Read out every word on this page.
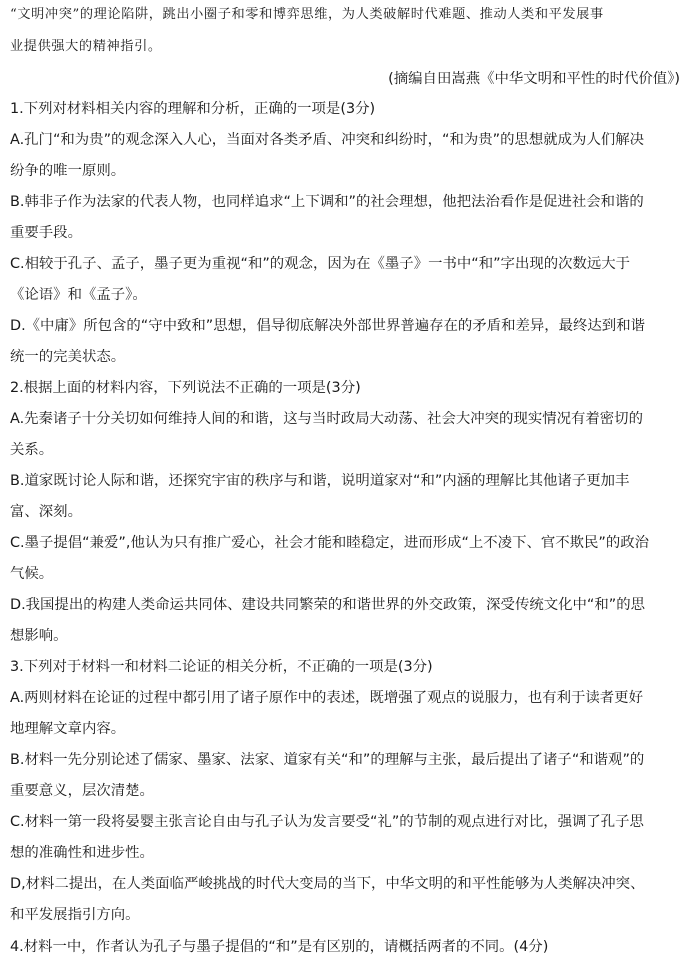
“文明冲突”的理论陷阱，跳出小圈子和零和博弈思维，为人类破解时代难题、推动人类和平发展事
业提供强大的精神指引。
(摘编自田嵩燕《中华文明和平性的时代价值》)
1.下列对材料相关内容的理解和分析，正确的一项是(3分)
A.孔门“和为贵”的观念深入人心，当面对各类矛盾、冲突和纠纷时，“和为贵”的思想就成为人们解决
纷争的唯一原则。
B.韩非子作为法家的代表人物，也同样追求“上下调和”的社会理想，他把法治看作是促进社会和谐的
重要手段。
C.相较于孔子、孟子，墨子更为重视“和”的观念，因为在《墨子》一书中“和”字出现的次数远大于
《论语》和《孟子》。
D.《中庸》所包含的“守中致和”思想，倡导彻底解决外部世界普遍存在的矛盾和差异，最终达到和谐
统一的完美状态。
2.根据上面的材料内容，下列说法不正确的一项是(3分)
A.先秦诸子十分关切如何维持人间的和谐，这与当时政局大动荡、社会大冲突的现实情况有着密切的
关系。
B.道家既讨论人际和谐，还探究宇宙的秩序与和谐，说明道家对“和”内涵的理解比其他诸子更加丰
富、深刻。
C.墨子提倡“兼爱”,他认为只有推广爱心，社会才能和睦稳定，进而形成“上不凌下、官不欺民”的政治
气候。
D.我国提出的构建人类命运共同体、建设共同繁荣的和谐世界的外交政策，深受传统文化中“和”的思
想影响。
3.下列对于材料一和材料二论证的相关分析，不正确的一项是(3分)
A.两则材料在论证的过程中都引用了诸子原作中的表述，既增强了观点的说服力，也有利于读者更好
地理解文章内容。
B.材料一先分别论述了儒家、墨家、法家、道家有关“和”的理解与主张，最后提出了诸子“和谐观”的
重要意义，层次清楚。
C.材料一第一段将晏婴主张言论自由与孔子认为发言要受“礼”的节制的观点进行对比，强调了孔子思
想的准确性和进步性。
D,材料二提出，在人类面临严峻挑战的时代大变局的当下，中华文明的和平性能够为人类解决冲突、
和平发展指引方向。
4.材料一中，作者认为孔子与墨子提倡的“和”是有区别的，请概括两者的不同。(4分)
